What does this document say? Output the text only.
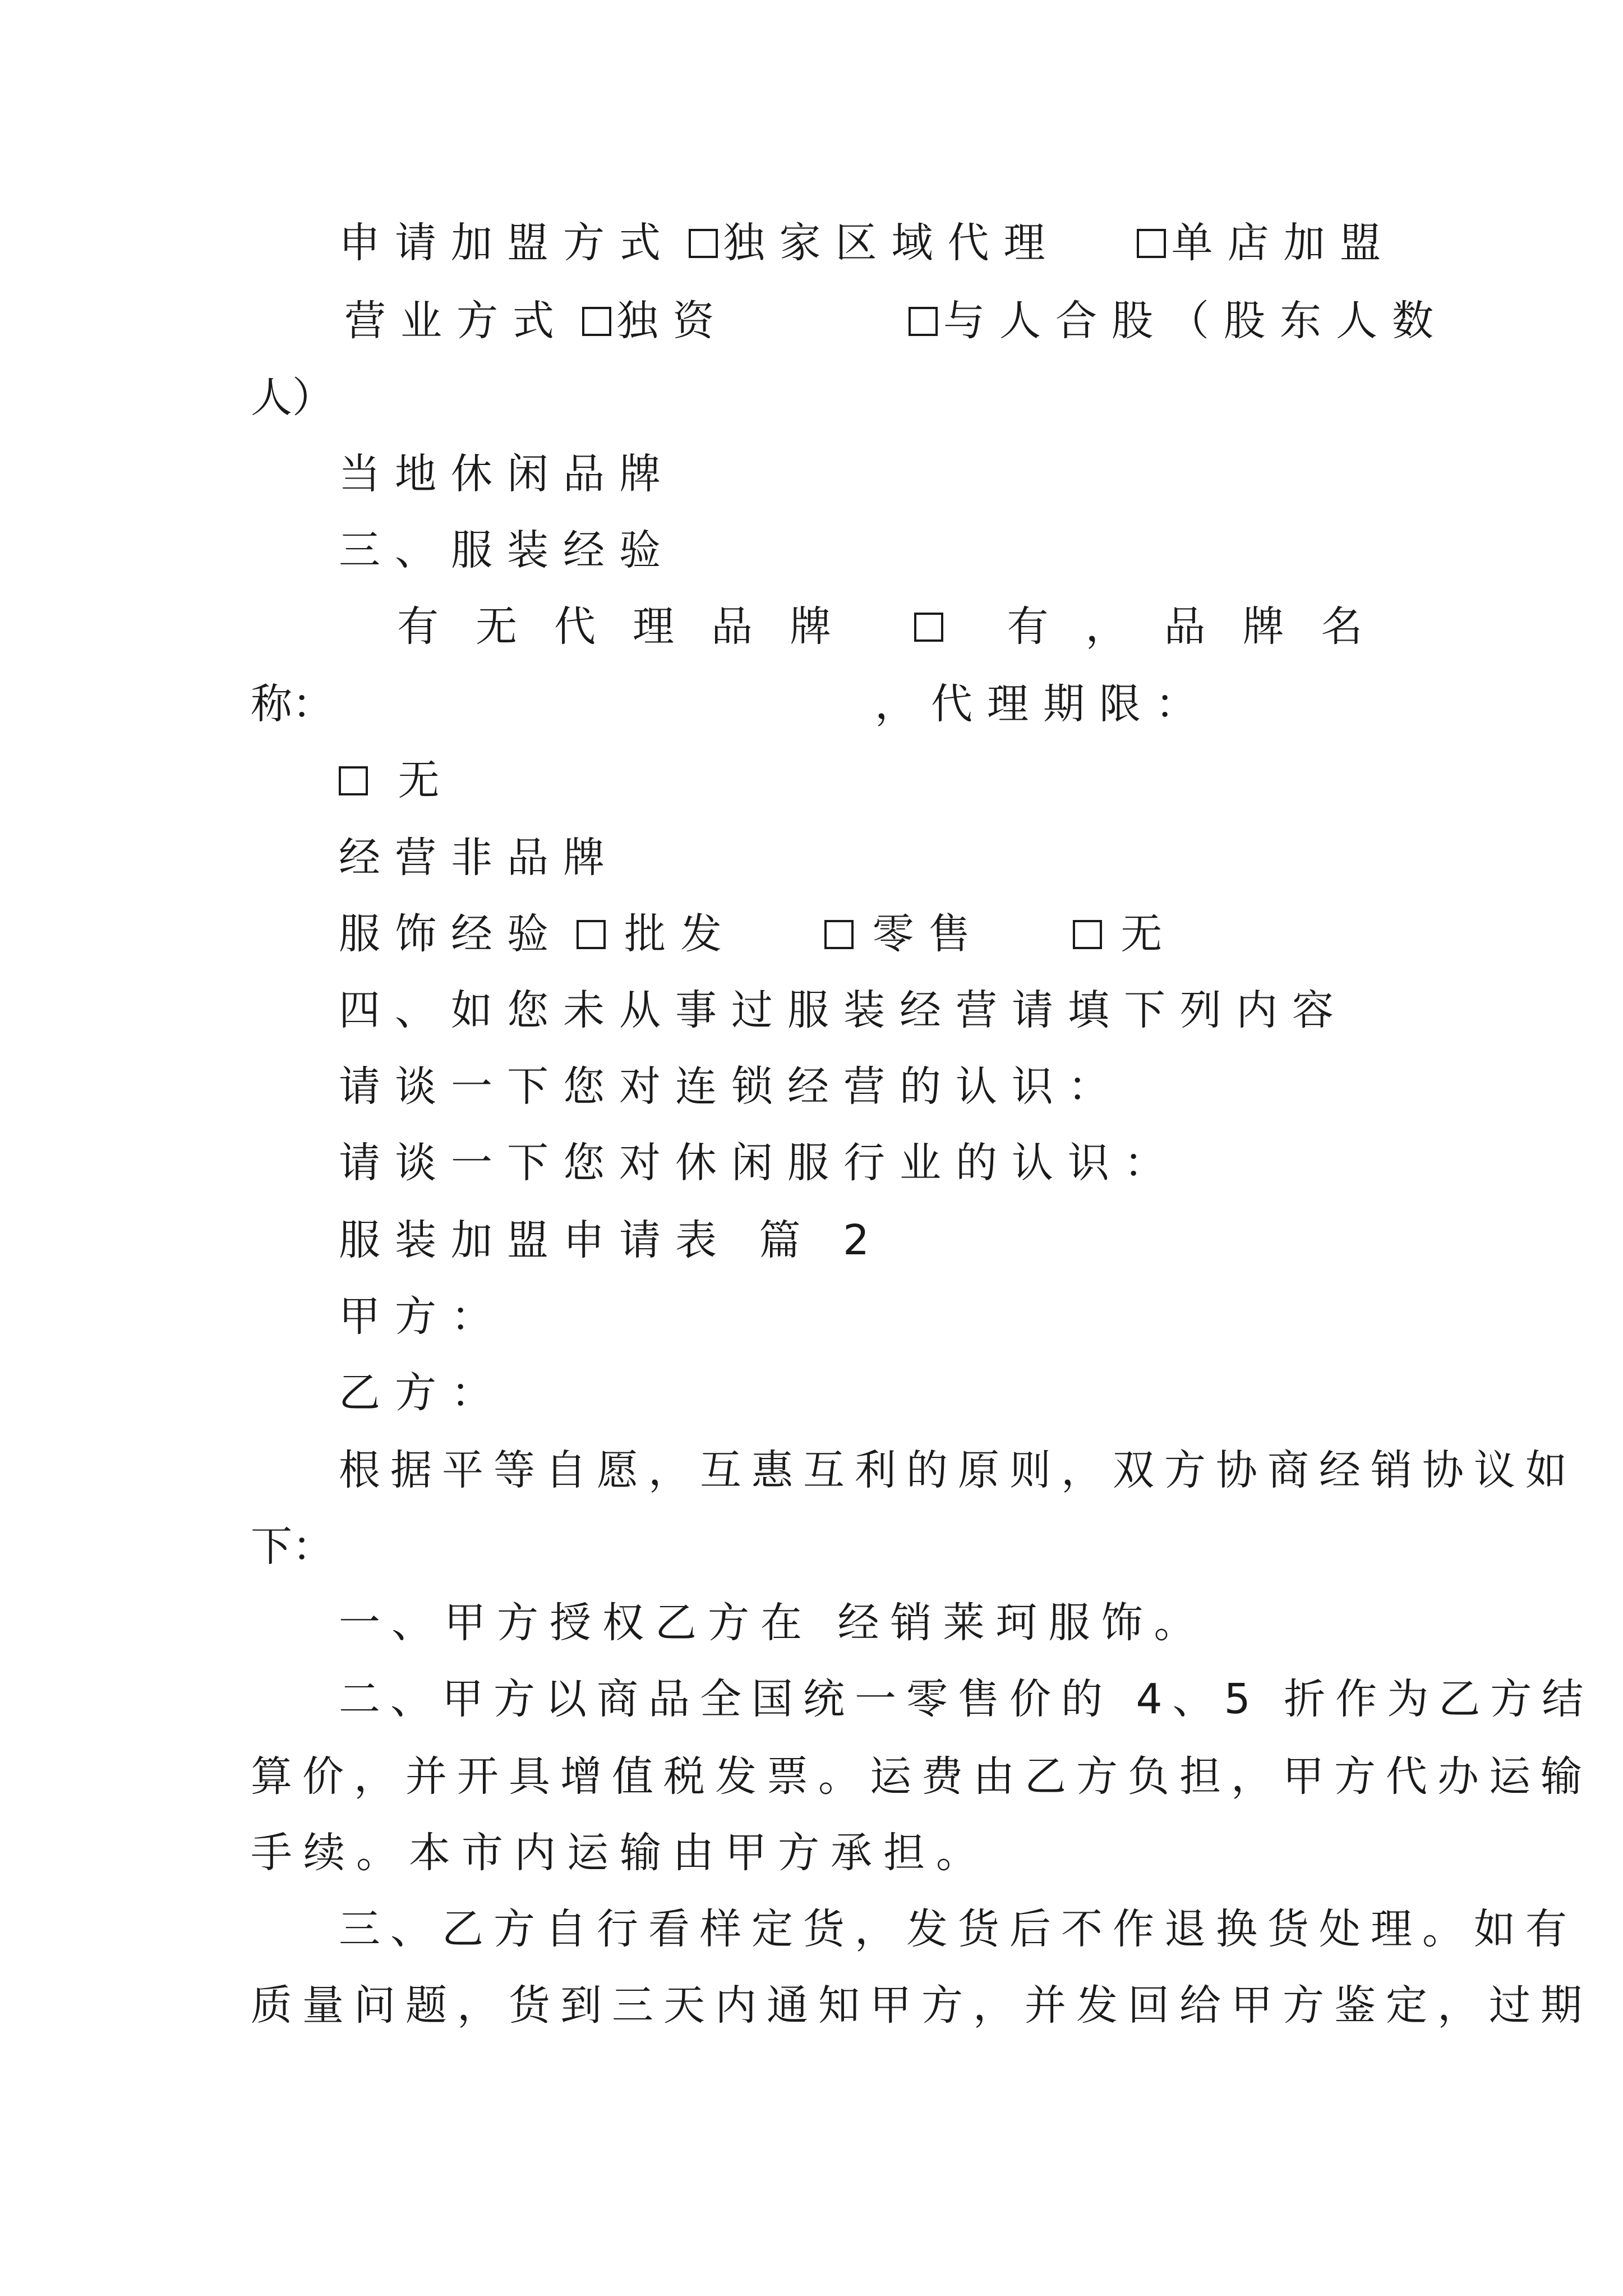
申请加盟方式 独家区域代理	单店加盟
营业方式 独资	与人合股（股东人数
人）
当地休闲品牌
三、服装经验
有无代理品牌	有，品牌名
称：	，代理期限：
无
经营非品牌
服饰经验 批发	零售	无
四、如您未从事过服装经营请填下列内容
请谈一下您对连锁经营的认识：
请谈一下您对休闲服行业的认识：
服装加盟申请表 篇 2
甲方：
乙方：
根据平等自愿，互惠互利的原则，双方协商经销协议如
下：
一、甲方授权乙方在 经销莱珂服饰。
二、甲方以商品全国统一零售价的 4、5 折作为乙方结
算价，并开具增值税发票。运费由乙方负担，甲方代办运输
手续。本市内运输由甲方承担。
三、乙方自行看样定货，发货后不作退换货处理。如有
质量问题，货到三天内通知甲方，并发回给甲方鉴定，过期
